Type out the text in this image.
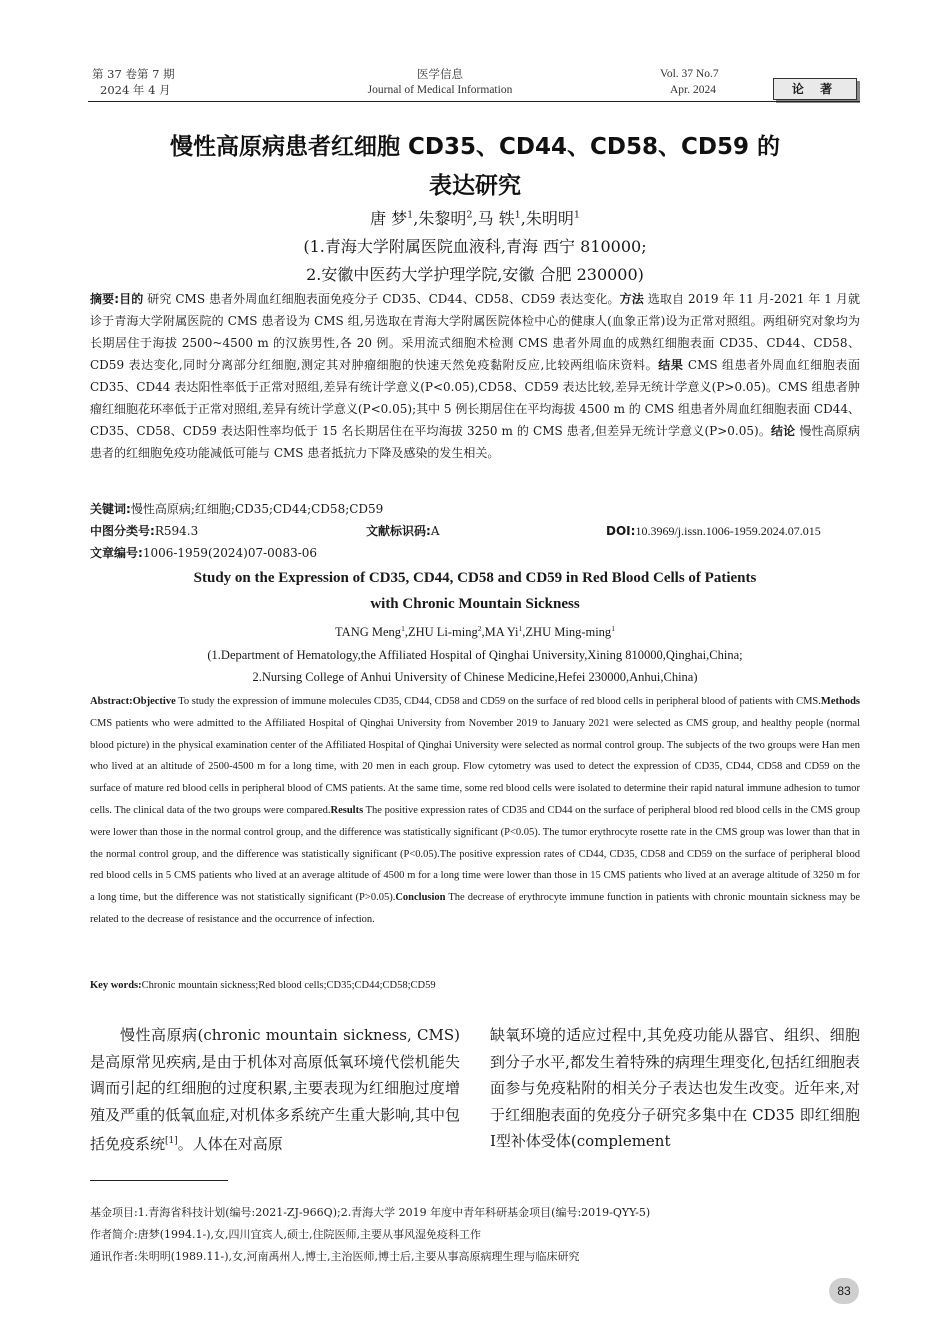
第 37 卷第 7 期
2024 年 4 月
医学信息
Journal of Medical Information
Vol. 37 No.7
Apr. 2024	论 著
慢性高原病患者红细胞 CD35、CD44、CD58、CD59 的
表达研究
唐 梦$^1$,朱黎明$^2$,马 轶$^1$,朱明明$^1$
(1.青海大学附属医院血液科,青海 西宁 810000;
2.安徽中医药大学护理学院,安徽 合肥 230000)
摘要:目的 研究 CMS 患者外周血红细胞表面免疫分子 CD35、CD44、CD58、CD59 表达变化。方法 选取自 2019 年 11 月-2021 年 1 月就诊于青海大学附属医院的 CMS 患者设为 CMS 组,另选取在青海大学附属医院体检中心的健康人(血象正常)设为正常对照组。两组研究对象均为长期居住于海拔 2500~4500 m 的汉族男性,各 20 例。采用流式细胞术检测 CMS 患者外周血的成熟红细胞表面 CD35、CD44、CD58、CD59 表达变化,同时分离部分红细胞,测定其对肿瘤细胞的快速天然免疫黏附反应,比较两组临床资料。结果 CMS 组患者外周血红细胞表面 CD35、CD44 表达阳性率低于正常对照组,差异有统计学意义(P<0.05),CD58、CD59 表达比较,差异无统计学意义(P>0.05)。CMS 组患者肿瘤红细胞花环率低于正常对照组,差异有统计学意义(P<0.05);其中 5 例长期居住在平均海拔 4500 m 的 CMS 组患者外周血红细胞表面 CD44、CD35、CD58、CD59 表达阳性率均低于 15 名长期居住在平均海拔 3250 m 的 CMS 患者,但差异无统计学意义(P>0.05)。结论 慢性高原病患者的红细胞免疫功能减低可能与 CMS 患者抵抗力下降及感染的发生相关。
关键词:慢性高原病;红细胞;CD35;CD44;CD58;CD59
中图分类号:R594.3	文献标识码:A	DOI:10.3969/j.issn.1006-1959.2024.07.015
文章编号:1006-1959(2024)07-0083-06
Study on the Expression of CD35, CD44, CD58 and CD59 in Red Blood Cells of Patients
with Chronic Mountain Sickness
TANG Meng$^1$,ZHU Li-ming$^2$,MA Yi$^1$,ZHU Ming-ming$^1$
(1.Department of Hematology,the Affiliated Hospital of Qinghai University,Xining 810000,Qinghai,China;
2.Nursing College of Anhui University of Chinese Medicine,Hefei 230000,Anhui,China)
Abstract:Objective To study the expression of immune molecules CD35, CD44, CD58 and CD59 on the surface of red blood cells in peripheral blood of patients with CMS.Methods CMS patients who were admitted to the Affiliated Hospital of Qinghai University from November 2019 to January 2021 were selected as CMS group, and healthy people (normal blood picture) in the physical examination center of the Affiliated Hospital of Qinghai University were selected as normal control group. The subjects of the two groups were Han men who lived at an altitude of 2500-4500 m for a long time, with 20 men in each group. Flow cytometry was used to detect the expression of CD35, CD44, CD58 and CD59 on the surface of mature red blood cells in peripheral blood of CMS patients. At the same time, some red blood cells were isolated to determine their rapid natural immune adhesion to tumor cells. The clinical data of the two groups were compared.Results The positive expression rates of CD35 and CD44 on the surface of peripheral blood red blood cells in the CMS group were lower than those in the normal control group, and the difference was statistically significant (P<0.05). The tumor erythrocyte rosette rate in the CMS group was lower than that in the normal control group, and the difference was statistically significant (P<0.05).The positive expression rates of CD44, CD35, CD58 and CD59 on the surface of peripheral blood red blood cells in 5 CMS patients who lived at an average altitude of 4500 m for a long time were lower than those in 15 CMS patients who lived at an average altitude of 3250 m for a long time, but the difference was not statistically significant (P>0.05).Conclusion The decrease of erythrocyte immune function in patients with chronic mountain sickness may be related to the decrease of resistance and the occurrence of infection.
Key words:Chronic mountain sickness;Red blood cells;CD35;CD44;CD58;CD59
慢性高原病(chronic mountain sickness, CMS)是高原常见疾病,是由于机体对高原低氧环境代偿机能失调而引起的红细胞的过度积累,主要表现为红细胞过度增殖及严重的低氧血症,对机体多系统产生重大影响,其中包括免疫系统[1]。人体在对高原
缺氧环境的适应过程中,其免疫功能从器官、组织、细胞到分子水平,都发生着特殊的病理生理变化,包括红细胞表面参与免疫粘附的相关分子表达也发生改变。近年来,对于红细胞表面的免疫分子研究多集中在 CD35 即红细胞Ⅰ型补体受体(complement
基金项目:1.青海省科技计划(编号:2021-ZJ-966Q);2.青海大学 2019 年度中青年科研基金项目(编号:2019-QYY-5)
作者简介:唐梦(1994.1-),女,四川宜宾人,硕士,住院医师,主要从事风湿免疫科工作
通讯作者:朱明明(1989.11-),女,河南禹州人,博士,主治医师,博士后,主要从事高原病理生理与临床研究
83
